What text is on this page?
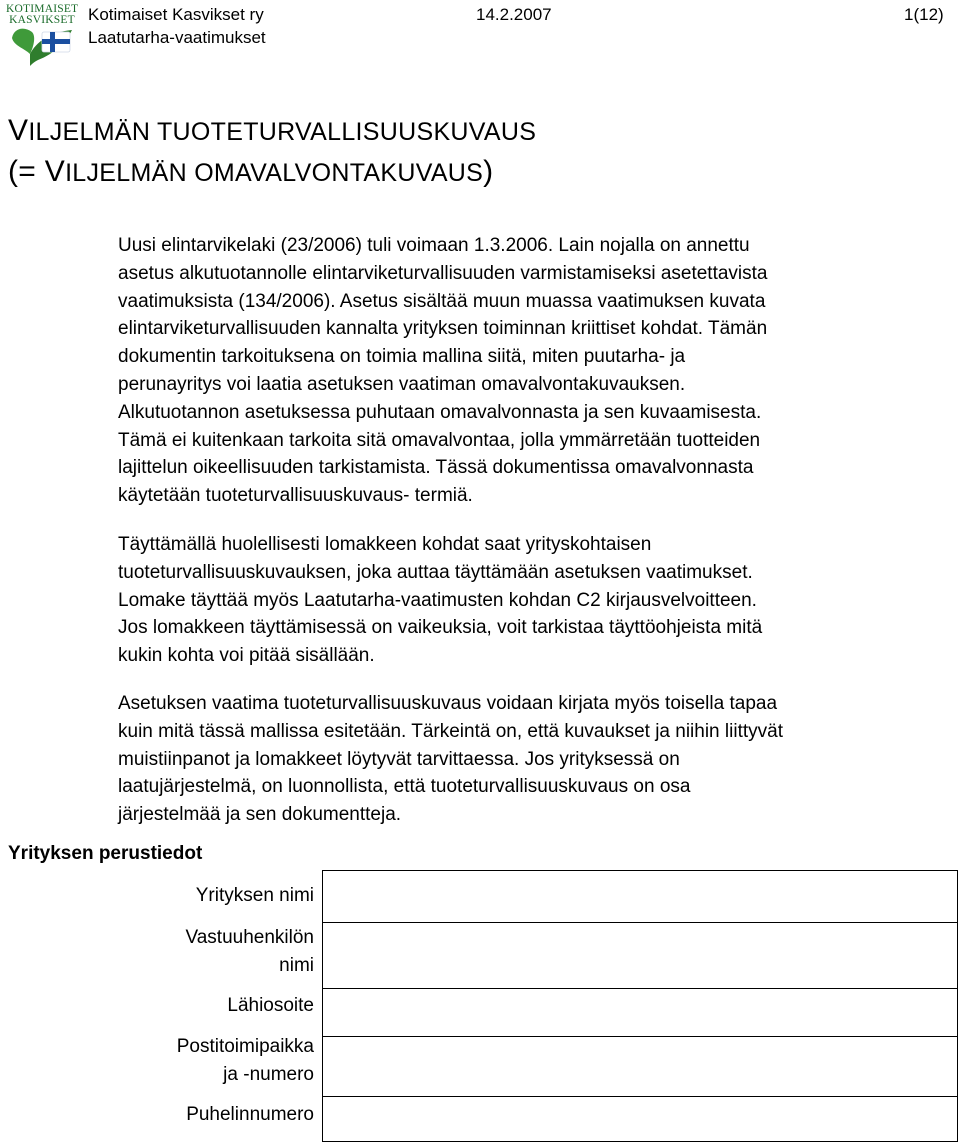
KOTIMAISET
KASVIKSET Kotimaiset Kasvikset ry
Laatutarha-vaatimukset
14.2.2007	1(12)
VILJELMÄN TUOTETURVALLISUUSKUVAUS
(= VILJELMÄN OMAVALVONTAKUVAUS)
Uusi elintarvikelaki (23/2006) tuli voimaan 1.3.2006. Lain nojalla on annettu
asetus alkutuotannolle elintarviketurvallisuuden varmistamiseksi asetettavista
vaatimuksista (134/2006). Asetus sisältää muun muassa vaatimuksen kuvata
elintarviketurvallisuuden kannalta yrityksen toiminnan kriittiset kohdat. Tämän
dokumentin tarkoituksena on toimia mallina siitä, miten puutarha- ja
perunayritys voi laatia asetuksen vaatiman omavalvontakuvauksen.
Alkutuotannon asetuksessa puhutaan omavalvonnasta ja sen kuvaamisesta.
Tämä ei kuitenkaan tarkoita sitä omavalvontaa, jolla ymmärretään tuotteiden
lajittelun oikeellisuuden tarkistamista. Tässä dokumentissa omavalvonnasta
käytetään tuoteturvallisuuskuvaus- termiä.
Täyttämällä huolellisesti lomakkeen kohdat saat yrityskohtaisen
tuoteturvallisuuskuvauksen, joka auttaa täyttämään asetuksen vaatimukset.
Lomake täyttää myös Laatutarha-vaatimusten kohdan C2 kirjausvelvoitteen.
Jos lomakkeen täyttämisessä on vaikeuksia, voit tarkistaa täyttöohjeista mitä
kukin kohta voi pitää sisällään.
Asetuksen vaatima tuoteturvallisuuskuvaus voidaan kirjata myös toisella tapaa
kuin mitä tässä mallissa esitetään. Tärkeintä on, että kuvaukset ja niihin liittyvät
muistiinpanot ja lomakkeet löytyvät tarvittaessa. Jos yrityksessä on
laatujärjestelmä, on luonnollista, että tuoteturvallisuuskuvaus on osa
järjestelmää ja sen dokumentteja.
Yrityksen perustiedot
Yrityksen nimi
Vastuuhenkilön
nimi
Lähiosoite
Postitoimipaikka
ja -numero
Puhelinnumero
